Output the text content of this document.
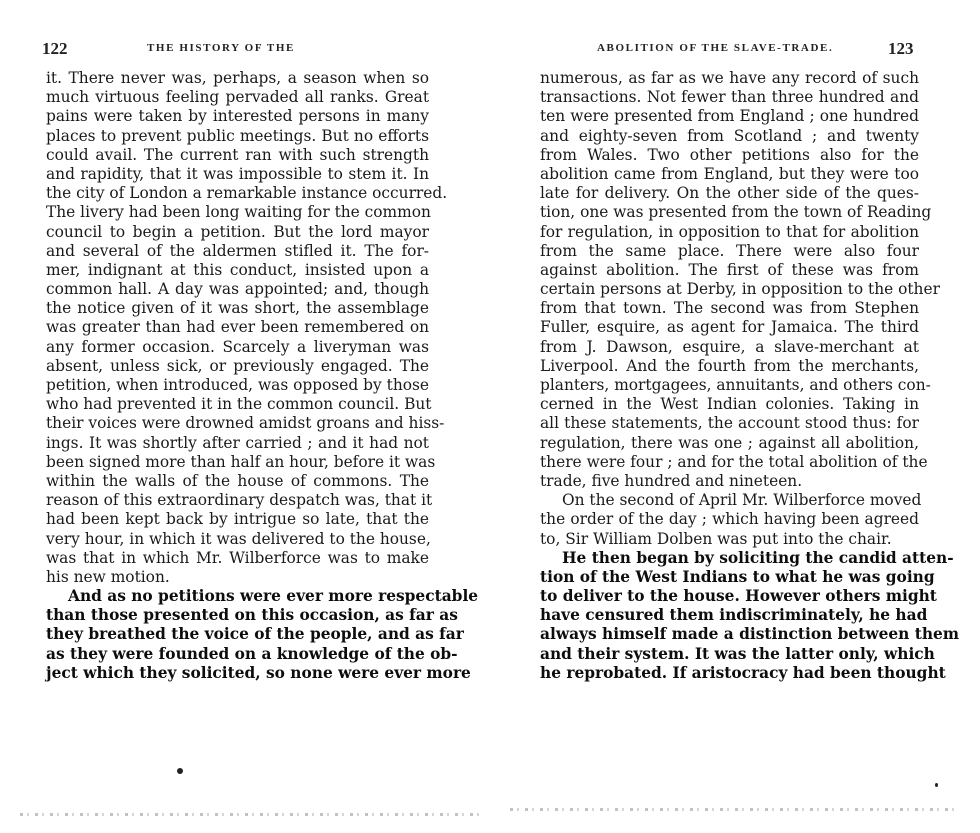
122	THE HISTORY OF THE
it. There never was, perhaps, a season when so
much virtuous feeling pervaded all ranks. Great
pains were taken by interested persons in many
places to prevent public meetings. But no efforts
could avail. The current ran with such strength
and rapidity, that it was impossible to stem it. In
the city of London a remarkable instance occurred.
The livery had been long waiting for the common
council to begin a petition. But the lord mayor
and several of the aldermen stifled it. The for-
mer, indignant at this conduct, insisted upon a
common hall. A day was appointed; and, though
the notice given of it was short, the assemblage
was greater than had ever been remembered on
any former occasion. Scarcely a liveryman was
absent, unless sick, or previously engaged. The
petition, when introduced, was opposed by those
who had prevented it in the common council. But
their voices were drowned amidst groans and hiss-
ings. It was shortly after carried ; and it had not
been signed more than half an hour, before it was
within the walls of the house of commons. The
reason of this extraordinary despatch was, that it
had been kept back by intrigue so late, that the
very hour, in which it was delivered to the house,
was that in which Mr. Wilberforce was to make
his new motion.
And as no petitions were ever more respectable
than those presented on this occasion, as far as
they breathed the voice of the people, and as far
as they were founded on a knowledge of the ob-
ject which they solicited, so none were ever more
ABOLITION OF THE SLAVE-TRADE.	123
numerous, as far as we have any record of such
transactions. Not fewer than three hundred and
ten were presented from England ; one hundred
and eighty-seven from Scotland ; and twenty
from Wales. Two other petitions also for the
abolition came from England, but they were too
late for delivery. On the other side of the ques-
tion, one was presented from the town of Reading
for regulation, in opposition to that for abolition
from the same place. There were also four
against abolition. The first of these was from
certain persons at Derby, in opposition to the other
from that town. The second was from Stephen
Fuller, esquire, as agent for Jamaica. The third
from J. Dawson, esquire, a slave-merchant at
Liverpool. And the fourth from the merchants,
planters, mortgagees, annuitants, and others con-
cerned in the West Indian colonies. Taking in
all these statements, the account stood thus: for
regulation, there was one ; against all abolition,
there were four ; and for the total abolition of the
trade, five hundred and nineteen.
On the second of April Mr. Wilberforce moved
the order of the day ; which having been agreed
to, Sir William Dolben was put into the chair.
He then began by soliciting the candid atten-
tion of the West Indians to what he was going
to deliver to the house. However others might
have censured them indiscriminately, he had
always himself made a distinction between them
and their system. It was the latter only, which
he reprobated. If aristocracy had been thought
